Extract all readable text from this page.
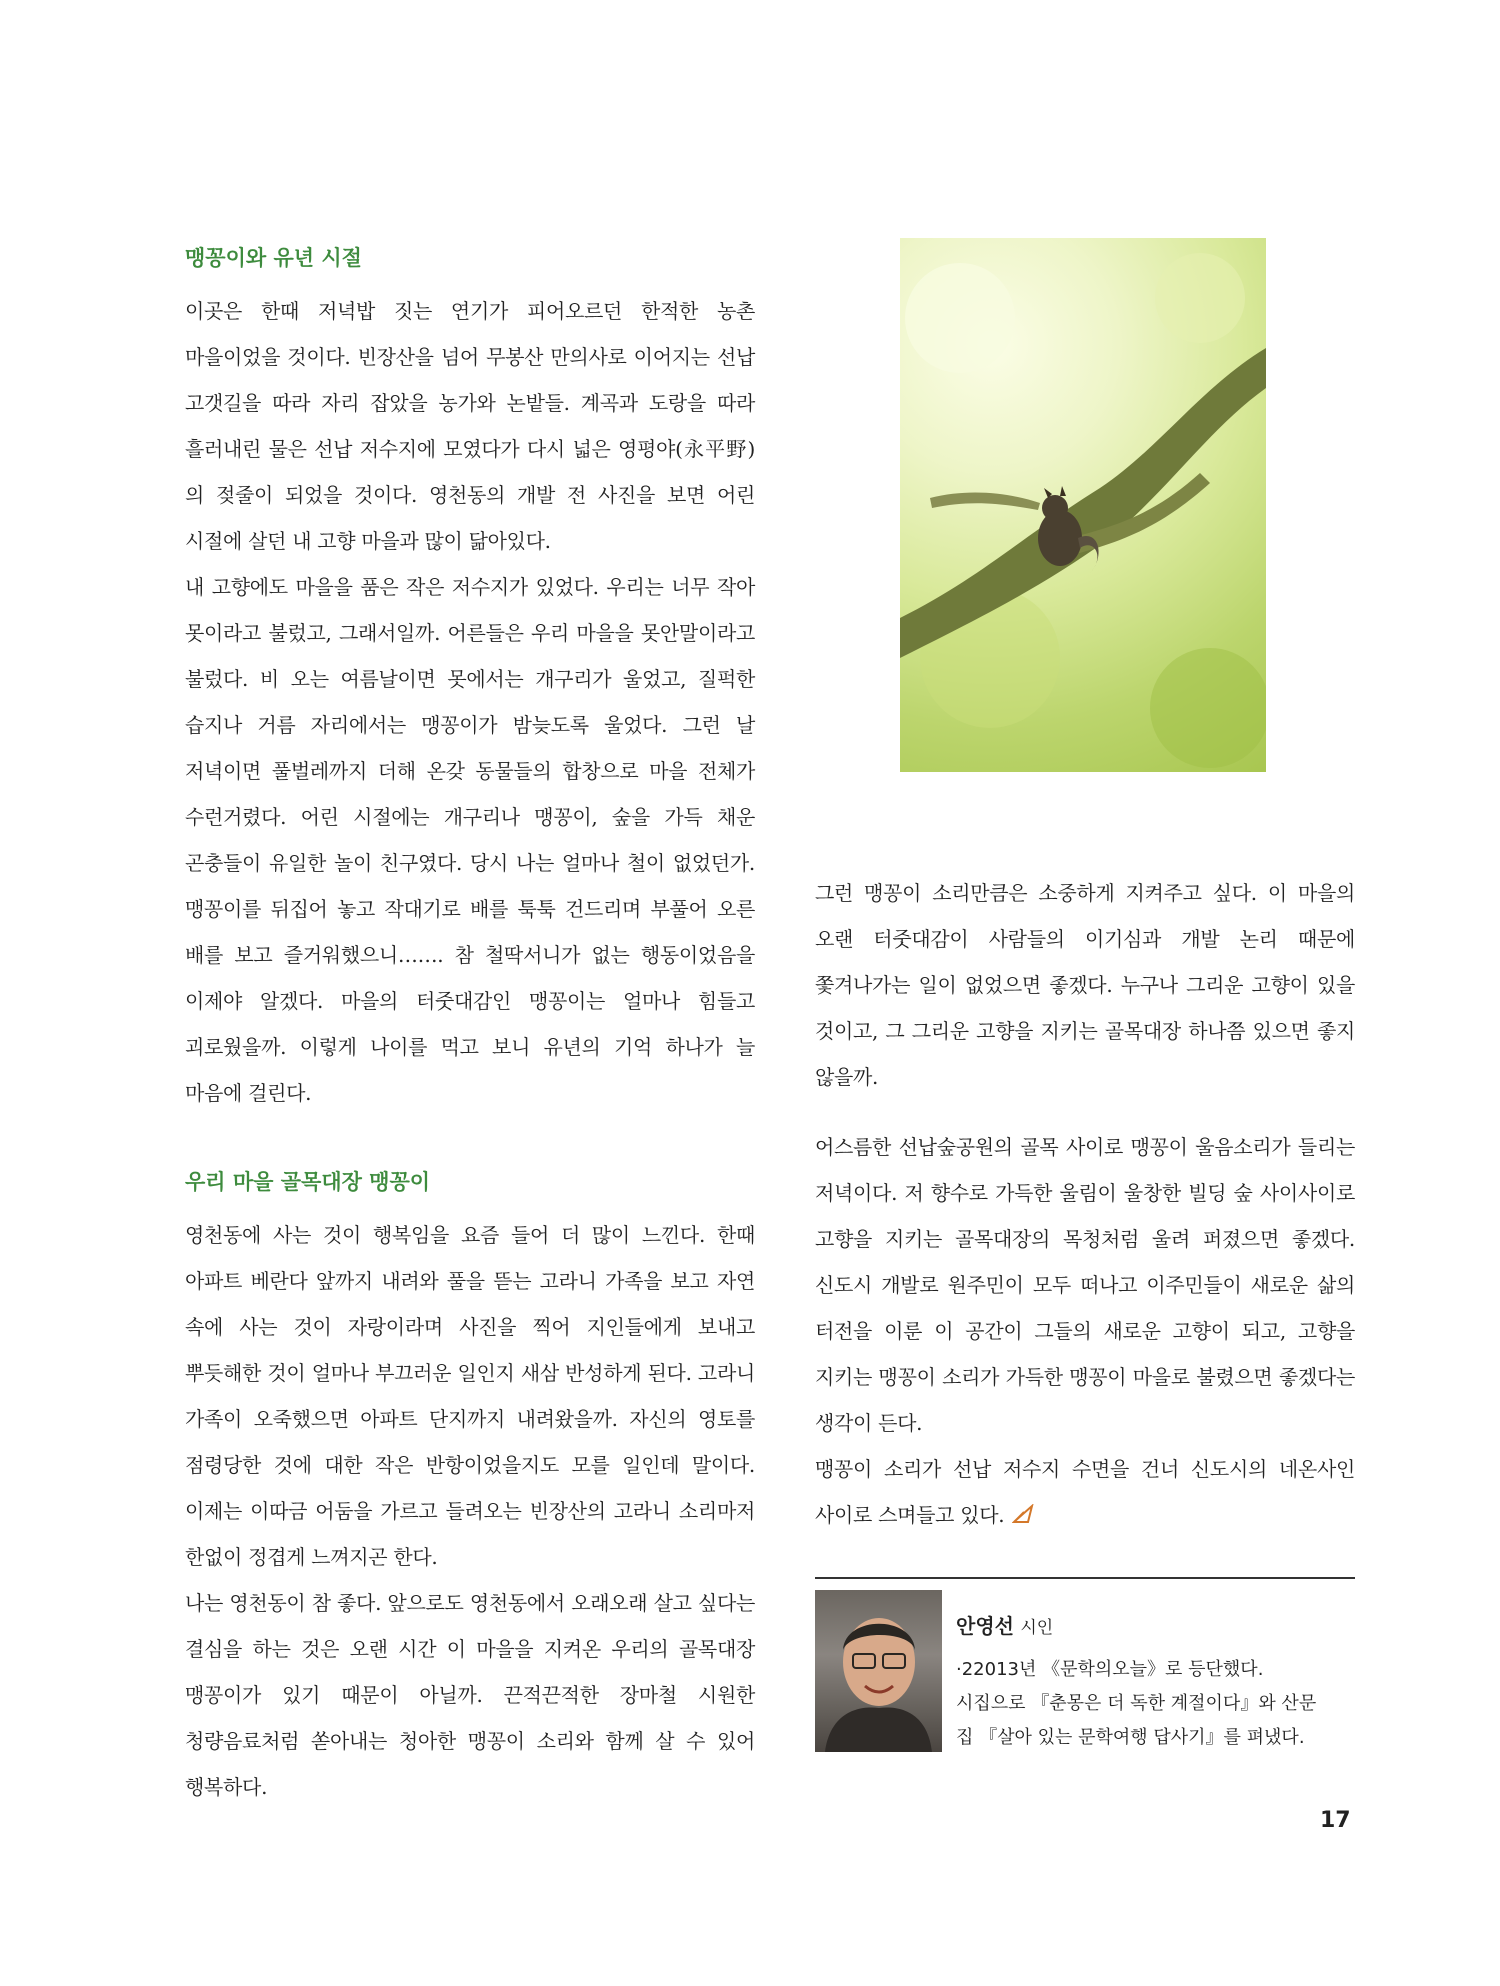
맹꽁이와 유년 시절

이곳은 한때 저녁밥 짓는 연기가 피어오르던 한적한 농촌 마을이었을 것이다. 빈장산을 넘어 무봉산 만의사로 이어지는 선납 고갯길을 따라 자리 잡았을 농가와 논밭들. 계곡과 도랑을 따라 흘러내린 물은 선납 저수지에 모였다가 다시 넓은 영평야(永平野)의 젖줄이 되었을 것이다. 영천동의 개발 전 사진을 보면 어린 시절에 살던 내 고향 마을과 많이 닮아있다.

내 고향에도 마을을 품은 작은 저수지가 있었다. 우리는 너무 작아 못이라고 불렀고, 그래서일까. 어른들은 우리 마을을 못안말이라고 불렀다. 비 오는 여름날이면 못에서는 개구리가 울었고, 질퍽한 습지나 거름 자리에서는 맹꽁이가 밤늦도록 울었다. 그런 날 저녁이면 풀벌레까지 더해 온갖 동물들의 합창으로 마을 전체가 수런거렸다. 어린 시절에는 개구리나 맹꽁이, 숲을 가득 채운 곤충들이 유일한 놀이 친구였다. 당시 나는 얼마나 철이 없었던가. 맹꽁이를 뒤집어 놓고 작대기로 배를 툭툭 건드리며 부풀어 오른 배를 보고 즐거워했으니……. 참 철딱서니가 없는 행동이었음을 이제야 알겠다. 마을의 터줏대감인 맹꽁이는 얼마나 힘들고 괴로웠을까. 이렇게 나이를 먹고 보니 유년의 기억 하나가 늘 마음에 걸린다.

우리 마을 골목대장 맹꽁이

영천동에 사는 것이 행복임을 요즘 들어 더 많이 느낀다. 한때 아파트 베란다 앞까지 내려와 풀을 뜯는 고라니 가족을 보고 자연 속에 사는 것이 자랑이라며 사진을 찍어 지인들에게 보내고 뿌듯해한 것이 얼마나 부끄러운 일인지 새삼 반성하게 된다. 고라니 가족이 오죽했으면 아파트 단지까지 내려왔을까. 자신의 영토를 점령당한 것에 대한 작은 반항이었을지도 모를 일인데 말이다. 이제는 이따금 어둠을 가르고 들려오는 빈장산의 고라니 소리마저 한없이 정겹게 느껴지곤 한다.

나는 영천동이 참 좋다. 앞으로도 영천동에서 오래오래 살고 싶다는 결심을 하는 것은 오랜 시간 이 마을을 지켜온 우리의 골목대장 맹꽁이가 있기 때문이 아닐까. 끈적끈적한 장마철 시원한 청량음료처럼 쏟아내는 청아한 맹꽁이 소리와 함께 살 수 있어 행복하다.

그런 맹꽁이 소리만큼은 소중하게 지켜주고 싶다. 이 마을의 오랜 터줏대감이 사람들의 이기심과 개발 논리 때문에 쫓겨나가는 일이 없었으면 좋겠다. 누구나 그리운 고향이 있을 것이고, 그 그리운 고향을 지키는 골목대장 하나쯤 있으면 좋지 않을까.

어스름한 선납숲공원의 골목 사이로 맹꽁이 울음소리가 들리는 저녁이다. 저 향수로 가득한 울림이 울창한 빌딩 숲 사이사이로 고향을 지키는 골목대장의 목청처럼 울려 퍼졌으면 좋겠다. 신도시 개발로 원주민이 모두 떠나고 이주민들이 새로운 삶의 터전을 이룬 이 공간이 그들의 새로운 고향이 되고, 고향을 지키는 맹꽁이 소리가 가득한 맹꽁이 마을로 불렸으면 좋겠다는 생각이 든다.

맹꽁이 소리가 선납 저수지 수면을 건너 신도시의 네온사인 사이로 스며들고 있다.

안영선 시인

·22013년 《문학의오늘》로 등단했다.

시집으로 『춘몽은 더 독한 계절이다』와 산문

집 『살아 있는 문학여행 답사기』를 펴냈다.

17
